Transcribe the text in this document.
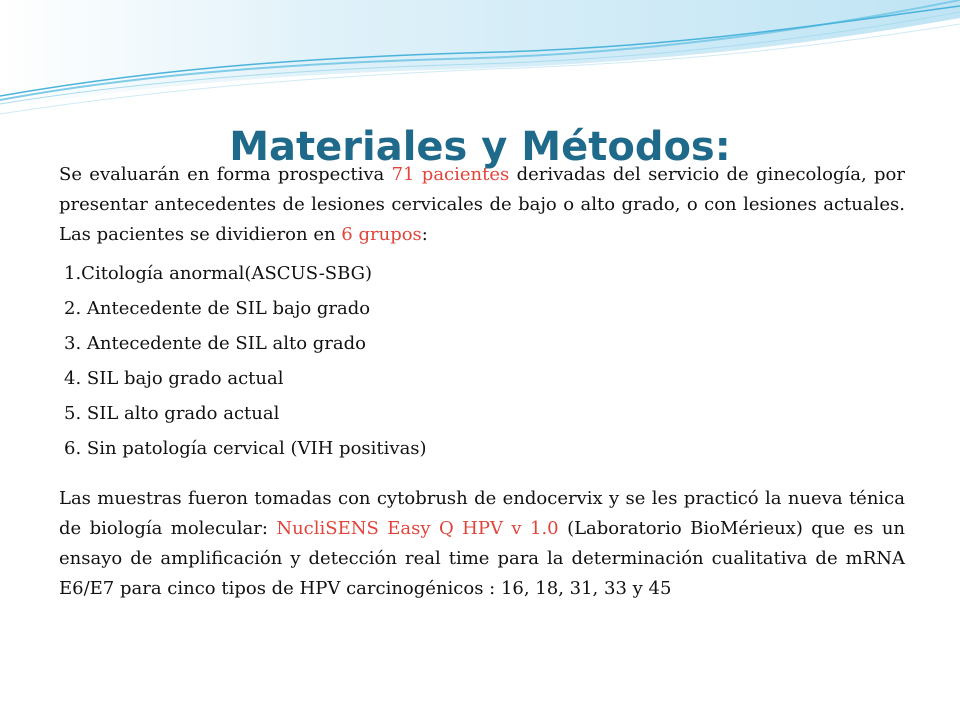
Materiales y Métodos:

Se evaluarán en forma prospectiva 71 pacientes derivadas del servicio de ginecología, por presentar antecedentes de lesiones cervicales de bajo o alto grado, o con lesiones actuales. Las pacientes se dividieron en 6 grupos:

1.Citología anormal(ASCUS-SBG)
2. Antecedente de SIL bajo grado
3. Antecedente de SIL alto grado
4. SIL bajo grado actual
5. SIL alto grado actual
6. Sin patología cervical (VIH positivas)

Las muestras fueron tomadas con cytobrush de endocervix y se les practicó la nueva ténica de biología molecular: NucliSENS Easy Q HPV v 1.0 (Laboratorio BioMérieux) que es un ensayo de amplificación y detección real time para la determinación cualitativa de mRNA E6/E7 para cinco tipos de HPV carcinogénicos : 16, 18, 31, 33 y 45
